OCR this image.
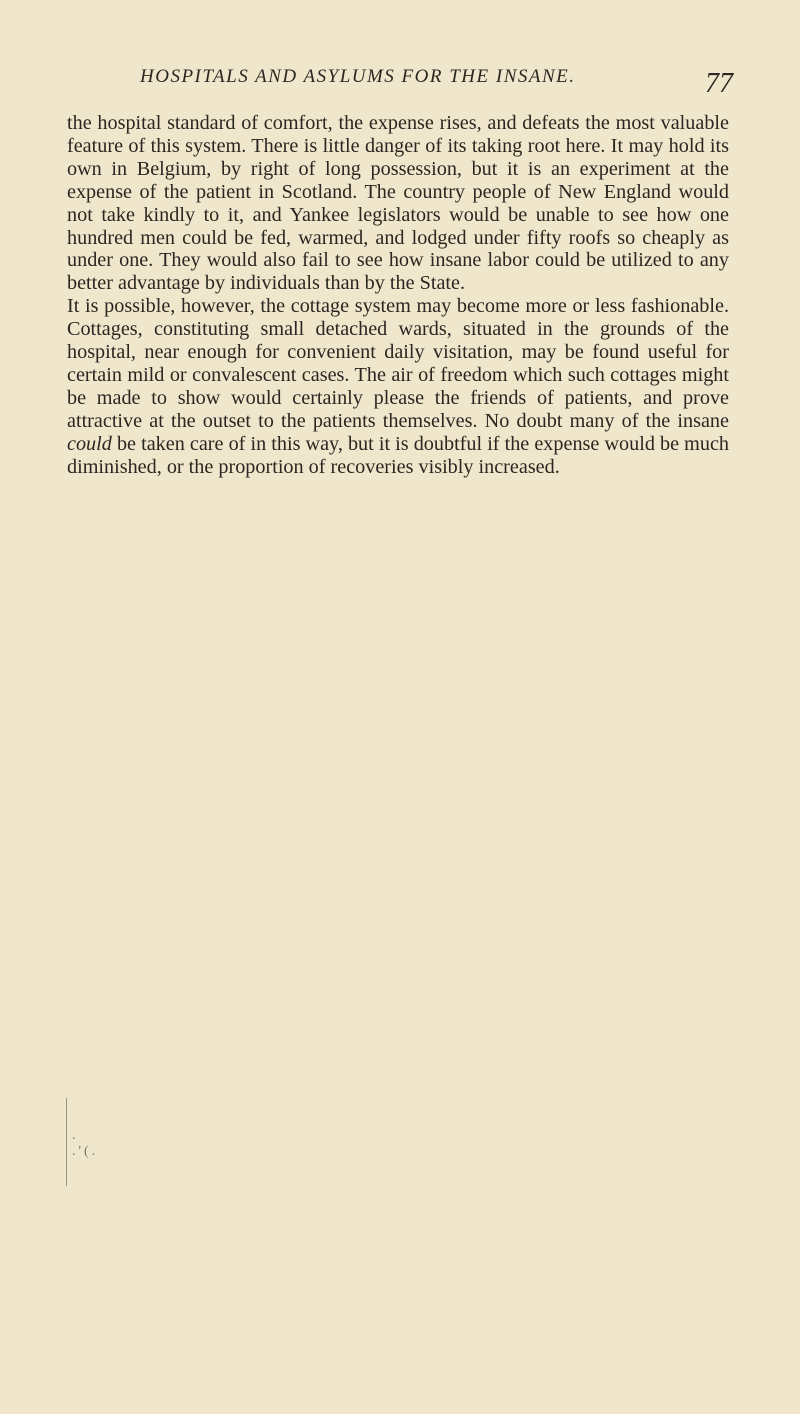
HOSPITALS AND ASYLUMS FOR THE INSANE.	77

the hospital standard of comfort, the expense rises, and defeats the most valuable feature of this system. There is little danger of its taking root here. It may hold its own in Belgium, by right of long possession, but it is an experiment at the expense of the patient in Scotland. The country people of New England would not take kindly to it, and Yankee legislators would be unable to see how one hundred men could be fed, warmed, and lodged under fifty roofs so cheaply as under one. They would also fail to see how insane labor could be utilized to any better advantage by individuals than by the State.

It is possible, however, the cottage system may become more or less fashionable. Cottages, constituting small detached wards, situated in the grounds of the hospital, near enough for convenient daily visitation, may be found useful for certain mild or convalescent cases. The air of freedom which such cottages might be made to show would certainly please the friends of patients, and prove attractive at the outset to the patients themselves. No doubt many of the insane could be taken care of in this way, but it is doubtful if the expense would be much diminished, or the proportion of recoveries visibly increased.

. .'(.
